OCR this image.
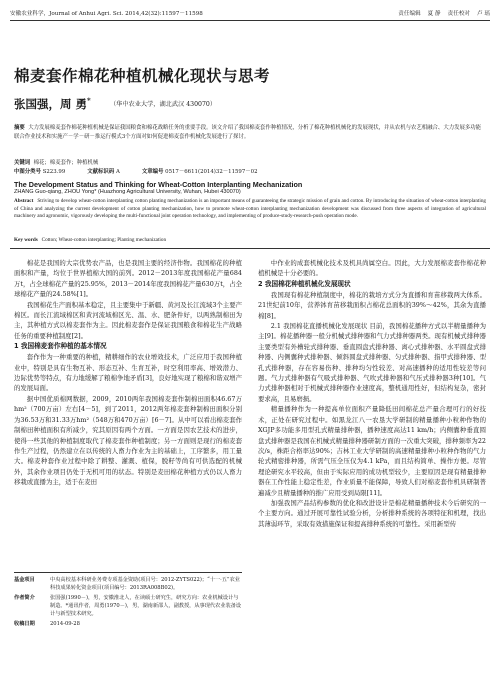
安徽农业科学，Journal of Anhui Agri. Sci. 2014,42(32):11597－11598	责任编辑 夏 静 责任校对 卢 瑶
棉麦套作棉花种植机械化现状与思考
张国强，周 勇*	（华中农业大学，湖北武汉 430070）
摘要 大力发展棉麦套作棉花种植机械是保证我国粮食和棉花战略任务的重要手段。该文介绍了我国棉麦套作种植情况，分析了棉花种植机械化的发展现状，并从农机与农艺相融合、大力发展多功能联合作业技术和实施产－学－研－推运行模式3个方面对如何促进棉麦套作机械化发展进行了探讨。
关键词 棉花；棉麦套作；种植机械
中图分类号 S223.99	文献标识码 A	文章编号 0517－6611(2014)32－11597－02
The Development Status and Thinking for Wheat-Cotton Interplanting Mechanization
ZHANG Guo-qiang, ZHOU Yong* (Huazhong Agricultural University, Wuhan, Hubei 430070)
Abstract Striving to develop wheat-cotton interplanting cotton planting mechanization is an important means of guaranteeing the strategic mission of grain and cotton. By introducing the situation of wheat-cotton interplanting of China and analyzing the current development of cotton planting mechanization, how to promote wheat-cotton interplanting mechanization development was discussed from three aspects of integration of agricultural machinery and agronomic, vigorously developing the multi-functional joint operation technology, and implementing of produce-study-research-push operation mode.
Key words Cotton; Wheat-cotton interplanting; Planting mechanization

棉花是我国的大宗优势农产品，也是我国主要的经济作物。我国棉花的种植面积和产量，均位于世界植棉大国的前列。2012－2013年度我国棉花产量684万t，占全球棉花产量的25.95%，2013－2014年度我国棉花产量630万t，占全球棉花产量的24.58%[1]。

我国棉花生产面积基本稳定，且主要集中于新疆、黄河及长江流域3个主要产棉区。而长江流域棉区和黄河流域棉区光、温、水、肥条件好，以两熟制棉田为主，其种植方式以棉麦套作为主。因此棉麦套作是保证我国粮食和棉花生产战略任务的重要种植制度[2]。

1 我国棉麦套作种植的基本情况

套作作为一种重要的种植，精耕细作的农业增效技术，广泛应用于我国种植业中，特别是具有生物互补、形态互补、生育互补，时空利用率高、增效潜力、边际优势等特点，有力地缓解了粮棉争地矛盾[3]，良好地实现了粮棉和谐双增产的发展局面。

据中国优质棉网数据，2009，2010两年我国棉麦套作制棉田面积46.67万hm²（700万亩）左右[4－5]，到了2011，2012两年棉麦套种制棉田面积分别为36.53万和31.33万hm²（548万和470万亩）[6－7]。从中可以看出棉麦套作制棉田种植面积有所减少，究其原因有两个方面。一方面是因农艺技术的进步，使得一些其他的种植制度取代了棉麦套作种植制度；另一方面则是现行的棉麦套作生产过程，仍然建立在以传统的人畜力作业为主的基础上，工序繁多，用工量大。棉麦种套作业过程中除了耕整、灌溉、植保，脱籽等尚有可供选配的机械外，其余作业项目仍处于无机可用的状态。特别是麦田棉花种植方式仍以人畜力移栽或直播为主，适于在麦田

中作业的成套机械化技术及机具尚属空白。因此，大力发展棉麦套作棉花种植机械是十分必要的。

2 我国棉花种植机械化发展现状

我国现有棉花种植制度中，棉花的栽培方式分为直播和育苗移栽两大体系。21世纪前10年，营养钵育苗移栽面积占棉花总面积的39%～42%，其余为直播棉[8]。

2.1 我国棉花直播机械化发展现状 目前，我国棉花播种方式以半精量播种为主[9]。棉花播种器一般分机械式排种器和气力式排种器两类。现有机械式排种器主要类型有外槽轮式排种器、垂直圆盘式排种器、离心式排种器、水平圆盘式排种器、内侧囊种式排种器、倾斜圆盘式排种器、匀式排种器、指甲式排种器、型孔式排种器，存在容易伤种、排种均匀性较差、对高速播种的适用性较差等问题。气力式排种器有气吸式排种器、气吹式排种器和气压式排种器3种[10]。气力式排种器相对于机械式排种器作业速度高，整机通用性好，但结构复杂，密封要求高，且易磨损。

精量播种作为一种提高单位面积产量降低田间棉花总产量合理可行的好技术，正处在研究过程中。如黑龙江八一农垦大学研制的精量播种小粒种作物的XGJP多功能多用型孔式精量排种器，播种速度高达11 km/h；内侧囊种垂直圆盘式排种器是我国在机械式精量排种器研制方面的一次重大突破，排种频率为22次/s，株距合格率达90%；吉林工业大学研制的高速精量排种小粒种作物的气力轮式精密排种器，所需气压全压仅为4.1 kPa，而且结构简单、操作方便。尽管理论研究水平较高，但由于实际应用的成功机型较少，主要原因是现有精量排种器在工作性能上稳定性差，作业质量不能保障，导致人们对棉麦套作机具研制普遍减少且精量播种的推广应用受到局限[11]。

加强我国产品结构参数的优化和改进设计是棉花精量播种技术今后研究的一个主要方向。通过开展可靠性试验分析，分析排种系统的各项特征和机理，找出其薄弱环节，采取有效措施保证和提高排种系统的可靠性。采用新型传

基金项目	中央高校基本科研业务费专项基金资助(项目号：2012-ZYTS022)；“十一·五”农业科技成果转化资金项目(项目编号：2013RA008B02)。
作者简介	张国强(1990－)，男，安徽淮北人，在读硕士研究生，研究方向：农业机械设计与制造。*通讯作者，周勇(1970－)，男，湖南新邵人，副教授，从事现代农业装备设计与新型技术研究。
收稿日期	2014-09-28
